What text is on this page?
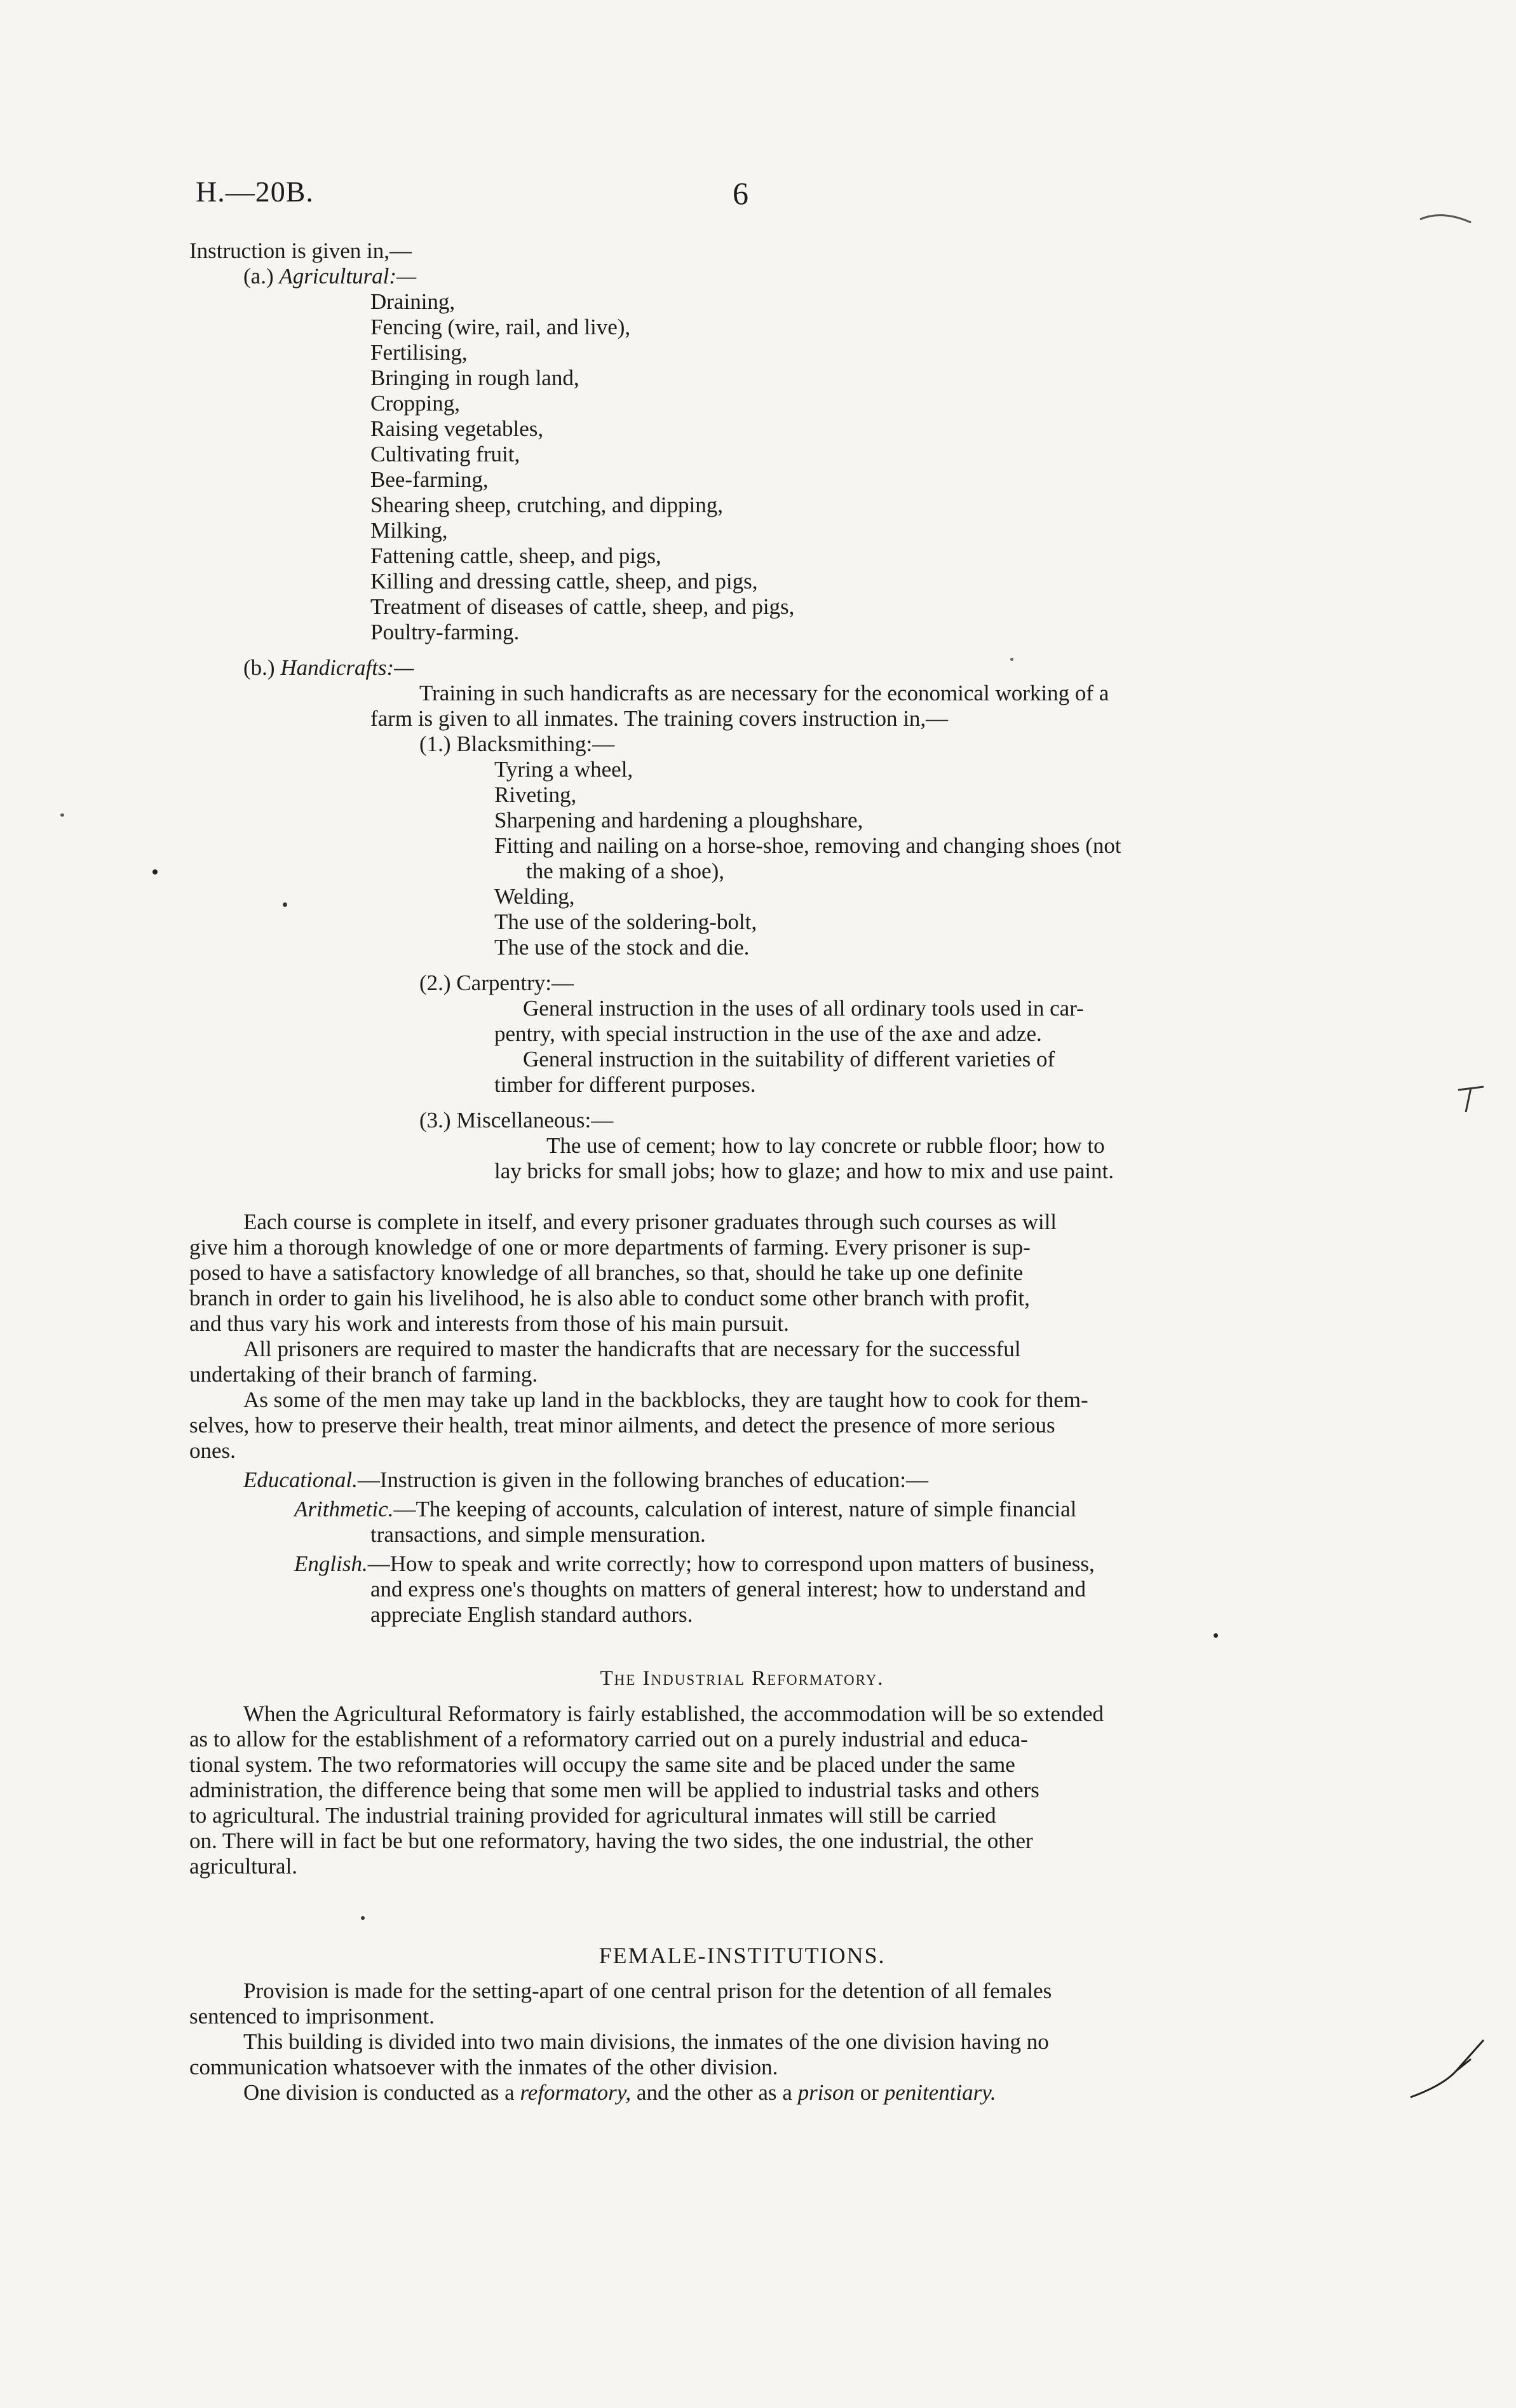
H.—20B.	6
Instruction is given in,—
(a.) Agricultural:—
Draining,
Fencing (wire, rail, and live),
Fertilising,
Bringing in rough land,
Cropping,
Raising vegetables,
Cultivating fruit,
Bee-farming,
Shearing sheep, crutching, and dipping,
Milking,
Fattening cattle, sheep, and pigs,
Killing and dressing cattle, sheep, and pigs,
Treatment of diseases of cattle, sheep, and pigs,
Poultry-farming.
(b.) Handicrafts:—
Training in such handicrafts as are necessary for the economical working of a
farm is given to all inmates. The training covers instruction in,—
(1.) Blacksmithing:—
Tyring a wheel,
Riveting,
Sharpening and hardening a ploughshare,
Fitting and nailing on a horse-shoe, removing and changing shoes (not
the making of a shoe),
Welding,
The use of the soldering-bolt,
The use of the stock and die.
(2.) Carpentry:—
General instruction in the uses of all ordinary tools used in car-
pentry, with special instruction in the use of the axe and adze.
General instruction in the suitability of different varieties of
timber for different purposes.
(3.) Miscellaneous:—
The use of cement; how to lay concrete or rubble floor; how to
lay bricks for small jobs; how to glaze; and how to mix and use paint.
Each course is complete in itself, and every prisoner graduates through such courses as will
give him a thorough knowledge of one or more departments of farming. Every prisoner is sup-
posed to have a satisfactory knowledge of all branches, so that, should he take up one definite
branch in order to gain his livelihood, he is also able to conduct some other branch with profit,
and thus vary his work and interests from those of his main pursuit.
All prisoners are required to master the handicrafts that are necessary for the successful
undertaking of their branch of farming.
As some of the men may take up land in the backblocks, they are taught how to cook for them-
selves, how to preserve their health, treat minor ailments, and detect the presence of more serious
ones.
Educational.—Instruction is given in the following branches of education:—
Arithmetic.—The keeping of accounts, calculation of interest, nature of simple financial
transactions, and simple mensuration.
English.—How to speak and write correctly; how to correspond upon matters of business,
and express one's thoughts on matters of general interest; how to understand and
appreciate English standard authors.
The Industrial Reformatory.
When the Agricultural Reformatory is fairly established, the accommodation will be so extended
as to allow for the establishment of a reformatory carried out on a purely industrial and educa-
tional system. The two reformatories will occupy the same site and be placed under the same
administration, the difference being that some men will be applied to industrial tasks and others
to agricultural. The industrial training provided for agricultural inmates will still be carried
on. There will in fact be but one reformatory, having the two sides, the one industrial, the other
agricultural.
FEMALE-INSTITUTIONS.
Provision is made for the setting-apart of one central prison for the detention of all females
sentenced to imprisonment.
This building is divided into two main divisions, the inmates of the one division having no
communication whatsoever with the inmates of the other division.
One division is conducted as a reformatory, and the other as a prison or penitentiary.
